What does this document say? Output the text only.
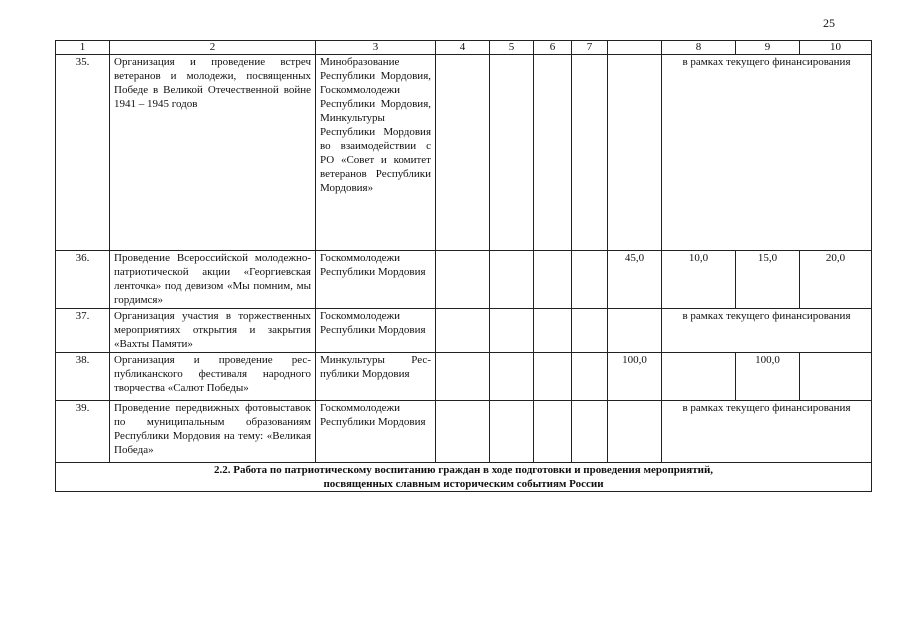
25
1	2	3	4	5	6	7		8	9	10
35.	Организация и проведение встреч ветеранов и молодежи, посвященных Победе в Великой Отечественной войне 1941 – 1945 годов	Минобразование Республики Мордовия, Госкоммолодежи Республики Мордовия, Минкультуры Республики Мордовия во взаимодействии с РО «Совет и комитет ветеранов Республики Мордовия»						в рамках текущего финансирования		
36.	Проведение Всероссийской молодежно-патриотической акции «Георгиевская ленточка» под девизом «Мы помним, мы гордимся»	Госкоммолодежи Республики Мордовия					45,0	10,0	15,0	20,0
37.	Организация участия в торжественных мероприятиях открытия и закрытия «Вахты Памяти»	Госкоммолодежи Республики Мордовия						в рамках текущего финансирования		
38.	Организация и проведение республиканского фестиваля народного творчества «Салют Победы»	Минкультуры Республики Мордовия					100,0		100,0	
39.	Проведение передвижных фотовыставок по муниципальным образованиям Республики Мордовия на тему: «Великая Победа»	Госкоммолодежи Республики Мордовия						в рамках текущего финансирования		

2.2. Работа по патриотическому воспитанию граждан в ходе подготовки и проведения мероприятий,
посвященных славным историческим событиям России										
